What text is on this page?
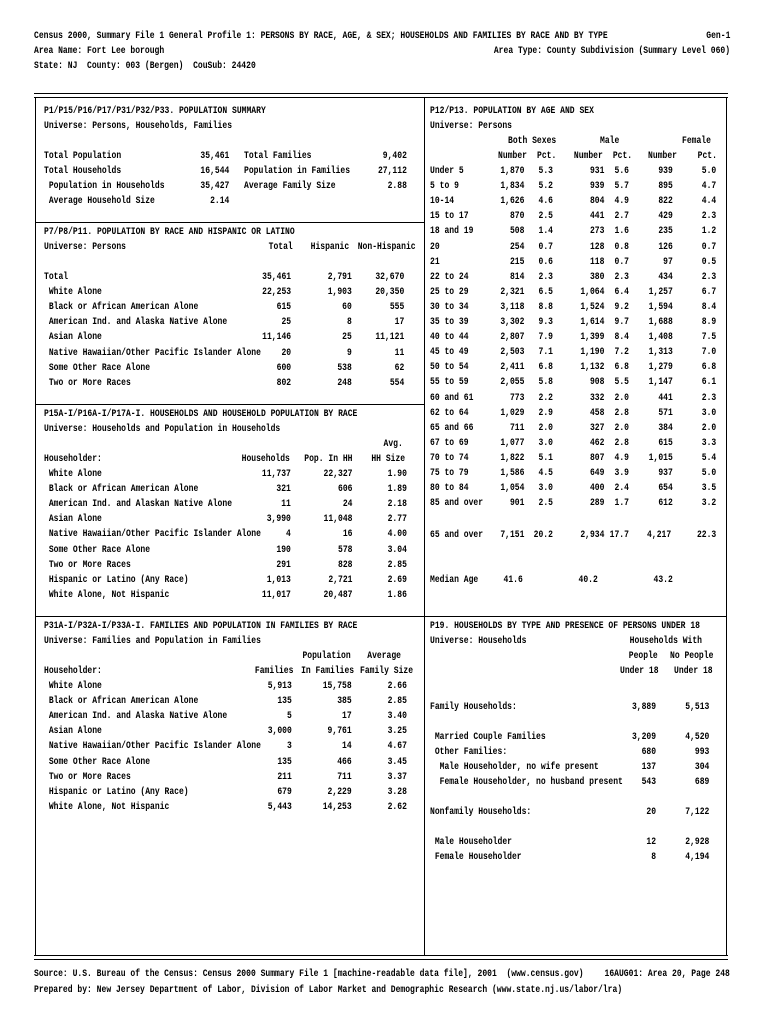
Census 2000, Summary File 1 General Profile 1: PERSONS BY RACE, AGE, & SEX; HOUSEHOLDS AND FAMILIES BY RACE AND BY TYPE	Gen-1
Area Name: Fort Lee borough	Area Type: County Subdivision (Summary Level 060)
State: NJ  County: 003 (Bergen)  CouSub: 24420
P1/P15/P16/P17/P31/P32/P33. POPULATION SUMMARY
Universe: Persons, Households, Families
Total Population	35,461 Total Families	9,402
Total Households	16,544 Population in Families	27,112
Population in Households	35,427 Average Family Size	2.88
Average Household Size	2.14
P7/P8/P11. POPULATION BY RACE AND HISPANIC OR LATINO
Universe: Persons	Total	Hispanic Non-Hispanic
Total	35,461	2,791	32,670
White Alone	22,253	1,903	20,350
Black or African American Alone	615	60	555
American Ind. and Alaska Native Alone	25	8	17
Asian Alone	11,146	25	11,121
Native Hawaiian/Other Pacific Islander Alone	20	9	11
Some Other Race Alone	600	538	62
Two or More Races	802	248	554
P15A-I/P16A-I/P17A-I. HOUSEHOLDS AND HOUSEHOLD POPULATION BY RACE
Universe: Households and Population in Households
Avg.
Householder:	Households	Pop. In HH	HH Size
White Alone	11,737	22,327	1.90
Black or African American Alone	321	606	1.89
American Ind. and Alaskan Native Alone	11	24	2.18
Asian Alone	3,990	11,048	2.77
Native Hawaiian/Other Pacific Islander Alone	4	16	4.00
Some Other Race Alone	190	578	3.04
Two or More Races	291	828	2.85
Hispanic or Latino (Any Race)	1,013	2,721	2.69
White Alone, Not Hispanic	11,017	20,487	1.86
P31A-I/P32A-I/P33A-I. FAMILIES AND POPULATION IN FAMILIES BY RACE
Universe: Families and Population in Families
Population	Average
Householder:	Families In Families Family Size
White Alone	5,913	15,758	2.66
Black or African American Alone	135	385	2.85
American Ind. and Alaska Native Alone	5	17	3.40
Asian Alone	3,000	9,761	3.25
Native Hawaiian/Other Pacific Islander Alone	3	14	4.67
Some Other Race Alone	135	466	3.45
Two or More Races	211	711	3.37
Hispanic or Latino (Any Race)	679	2,229	3.28
White Alone, Not Hispanic	5,443	14,253	2.62
P12/P13. POPULATION BY AGE AND SEX
Universe: Persons
Both Sexes	Male	Female
Number Pct.	Number Pct.	Number	Pct.
Under 5	1,870	5.3	931	5.6	939	5.0
5 to 9	1,834	5.2	939	5.7	895	4.7
10-14	1,626	4.6	804	4.9	822	4.4
15 to 17	870	2.5	441	2.7	429	2.3
18 and 19	508	1.4	273	1.6	235	1.2
20	254	0.7	128	0.8	126	0.7
21	215	0.6	118	0.7	97	0.5
22 to 24	814	2.3	380	2.3	434	2.3
25 to 29	2,321	6.5	1,064	6.4	1,257	6.7
30 to 34	3,118	8.8	1,524	9.2	1,594	8.4
35 to 39	3,302	9.3	1,614	9.7	1,688	8.9
40 to 44	2,807	7.9	1,399	8.4	1,408	7.5
45 to 49	2,503	7.1	1,190	7.2	1,313	7.0
50 to 54	2,411	6.8	1,132	6.8	1,279	6.8
55 to 59	2,055	5.8	908	5.5	1,147	6.1
60 and 61	773	2.2	332	2.0	441	2.3
62 to 64	1,029	2.9	458	2.8	571	3.0
65 and 66	711	2.0	327	2.0	384	2.0
67 to 69	1,077	3.0	462	2.8	615	3.3
70 to 74	1,822	5.1	807	4.9	1,015	5.4
75 to 79	1,586	4.5	649	3.9	937	5.0
80 to 84	1,054	3.0	400	2.4	654	3.5
85 and over	901	2.5	289	1.7	612	3.2
65 and over	7,151 20.2	2,934 17.7	4,217	22.3
Median Age	41.6	40.2	43.2
P19. HOUSEHOLDS BY TYPE AND PRESENCE OF PERSONS UNDER 18
Universe: Households	Households With
People No People
Under 18	Under 18
Family Households:	3,889	5,513
Married Couple Families	3,209	4,520
Other Families:	680	993
Male Householder, no wife present	137	304
Female Householder, no husband present	543	689
Nonfamily Households:	20	7,122
Male Householder	12	2,928
Female Householder	8	4,194
Source: U.S. Bureau of the Census: Census 2000 Summary File 1 [machine-readable data file], 2001  (www.census.gov) 16AUG01: Area 20, Page 248
Prepared by: New Jersey Department of Labor, Division of Labor Market and Demographic Research (www.state.nj.us/labor/lra)
